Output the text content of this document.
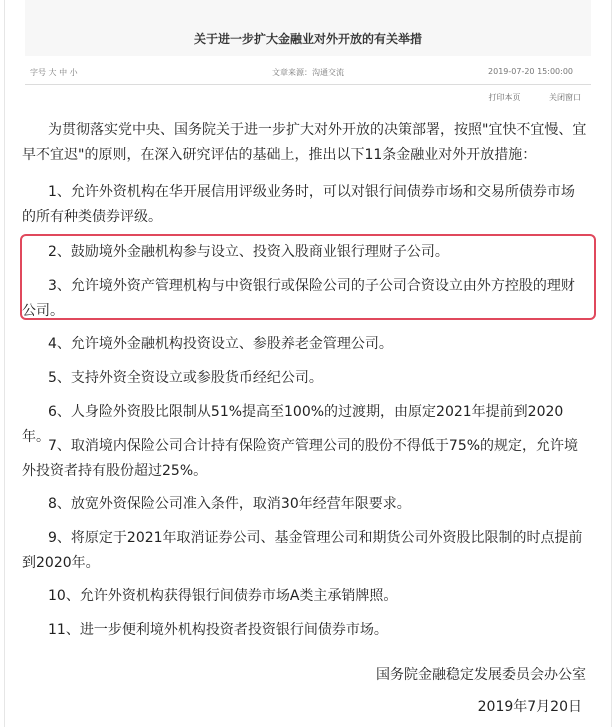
关于进一步扩大金融业对外开放的有关举措
字号 大 中 小	文章来源：沟通交流	2019-07-20 15:00:00
打印本页	关闭窗口

为贯彻落实党中央、国务院关于进一步扩大对外开放的决策部署，按照"宜快不宜慢、宜早不宜迟"的原则，在深入研究评估的基础上，推出以下11条金融业对外开放措施：

1、允许外资机构在华开展信用评级业务时，可以对银行间债券市场和交易所债券市场的所有种类债券评级。

2、鼓励境外金融机构参与设立、投资入股商业银行理财子公司。

3、允许境外资产管理机构与中资银行或保险公司的子公司合资设立由外方控股的理财公司。

4、允许境外金融机构投资设立、参股养老金管理公司。

5、支持外资全资设立或参股货币经纪公司。

6、人身险外资股比限制从51%提高至100%的过渡期，由原定2021年提前到2020年。

7、取消境内保险公司合计持有保险资产管理公司的股份不得低于75%的规定，允许境外投资者持有股份超过25%。

8、放宽外资保险公司准入条件，取消30年经营年限要求。

9、将原定于2021年取消证券公司、基金管理公司和期货公司外资股比限制的时点提前到2020年。

10、允许外资机构获得银行间债券市场A类主承销牌照。

11、进一步便利境外机构投资者投资银行间债券市场。

国务院金融稳定发展委员会办公室
2019年7月20日
